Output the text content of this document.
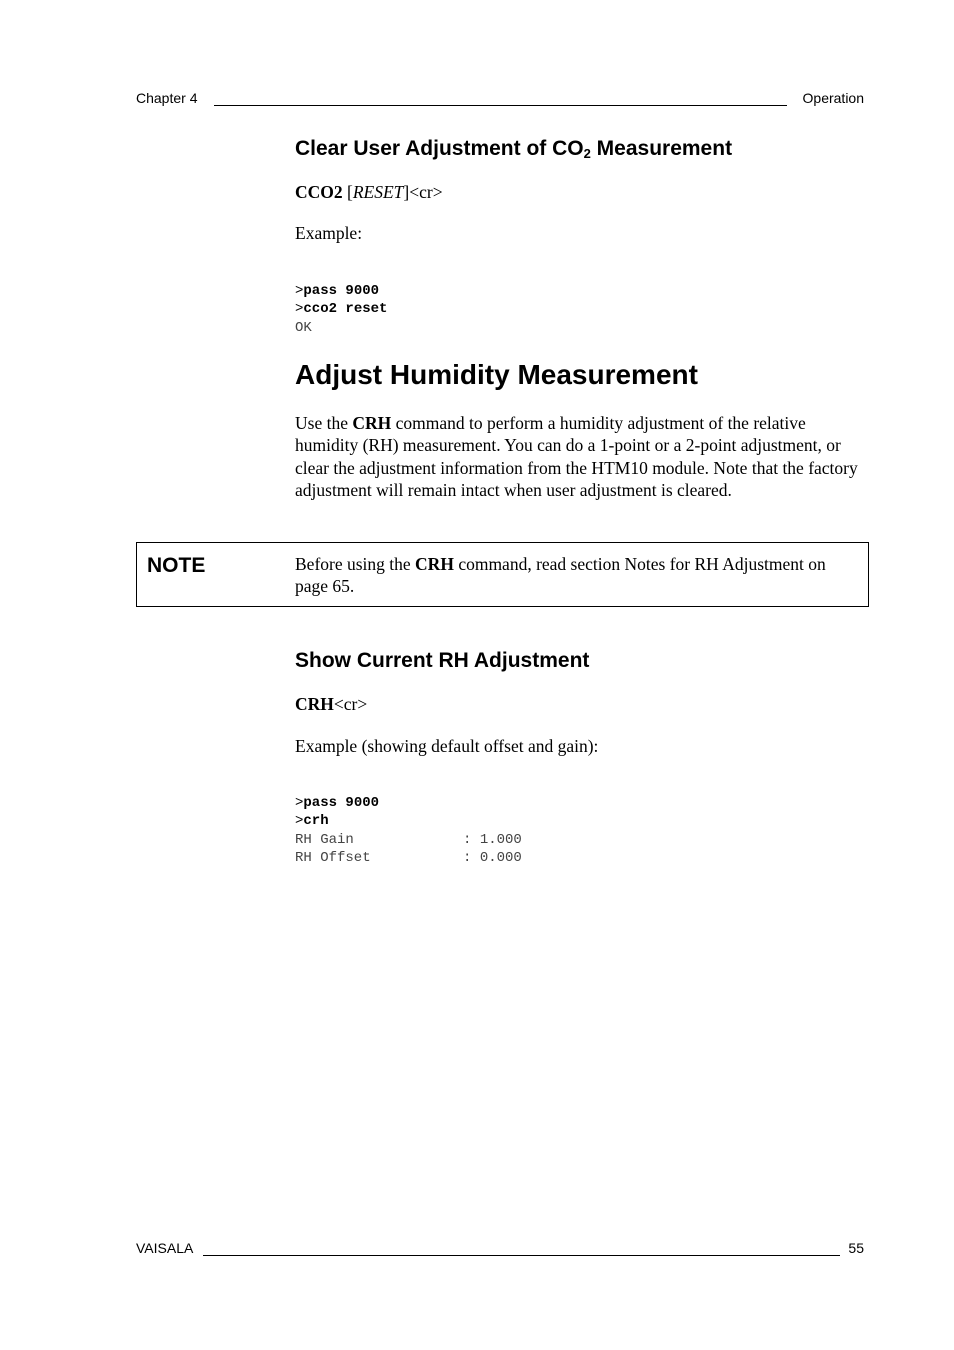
Chapter 4	Operation
Clear User Adjustment of $CO_2$ Measurement
CCO2 [RESET]<cr>
Example:

>pass 9000
>cco2 reset
OK

Adjust Humidity Measurement
Use the CRH command to perform a humidity adjustment of the relative humidity (RH) measurement. You can do a 1-point or a 2-point adjustment, or clear the adjustment information from the HTM10 module. Note that the factory adjustment will remain intact when user adjustment is cleared.
NOTE	Before using the CRH command, read section Notes for RH Adjustment on page 65.
Show Current RH Adjustment
CRH<cr>
Example (showing default offset and gain):

>pass 9000
>crh
RH Gain             : 1.000
RH Offset           : 0.000

VAISALA	55
